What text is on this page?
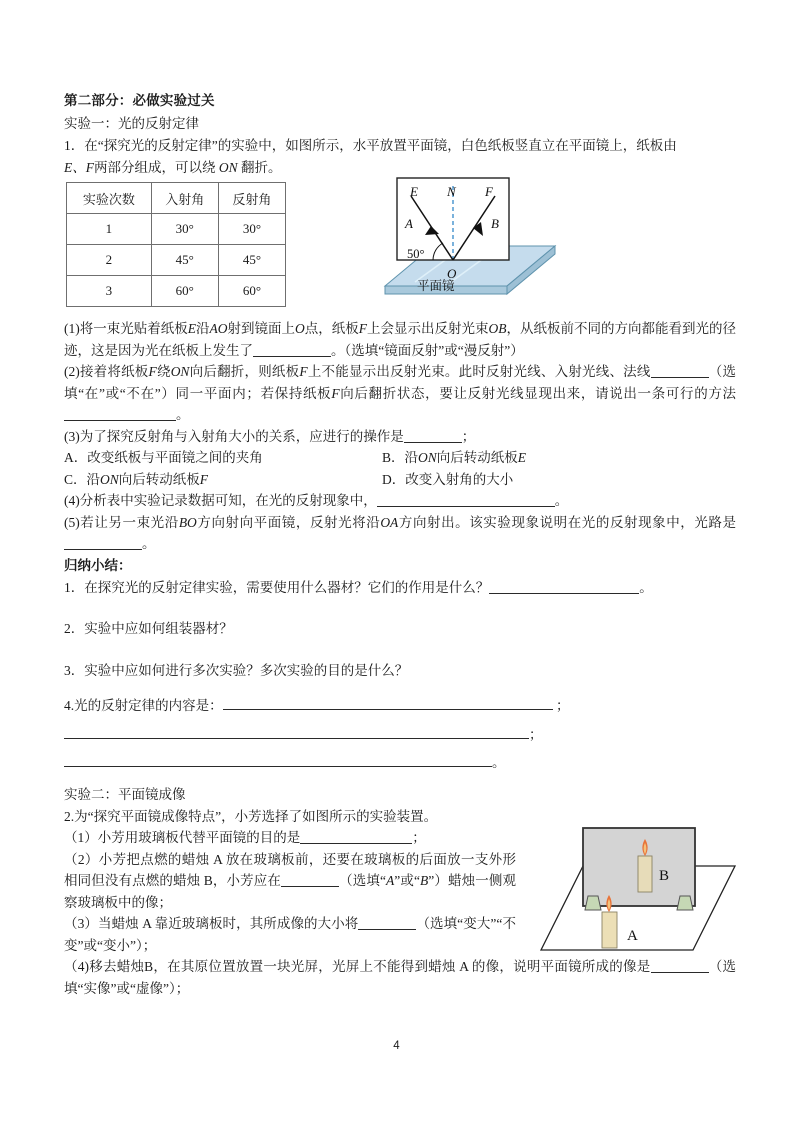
E N F
A	B
50°
O
平面镜
B
A
第二部分：必做实验过关
实验一：光的反射定律
1．在“探究光的反射定律”的实验中，如图所示，水平放置平面镜，白色纸板竖直立在平面镜上，纸板由
E、F两部分组成，可以绕 ON 翻折。
实验次数	入射角	反射角
1	30°	30°
2	45°	45°
3	60°	60°
(1)将一束光贴着纸板E沿AO射到镜面上O点，纸板F上会显示出反射光束OB，从纸板前不同的方向都能看到光的径迹，这是因为光在纸板上发生了	。（选填“镜面反射”或“漫反射”）
(2)接着将纸板F绕ON向后翻折，则纸板F上不能显示出反射光束。此时反射光线、入射光线、法线	（选填“在”或“不在”）同一平面内；若保持纸板F向后翻折状态，要让反射光线显现出来，请说出一条可行的方法。
(3)为了探究反射角与入射角大小的关系，应进行的操作是	；
A．改变纸板与平面镜之间的夹角	B．沿ON向后转动纸板E
C．沿ON向后转动纸板F	D．改变入射角的大小
(4)分析表中实验记录数据可知，在光的反射现象中，	。
(5)若让另一束光沿BO方向射向平面镜，反射光将沿OA方向射出。该实验现象说明在光的反射现象中，光路是。
归纳小结：
1．在探究光的反射定律实验，需要使用什么器材？它们的作用是什么？	。
2．实验中应如何组装器材？
3．实验中应如何进行多次实验？多次实验的目的是什么？
4.光的反射定律的内容是：	；
；
。
实验二：平面镜成像
2.为“探究平面镜成像特点”，小芳选择了如图所示的实验装置。
（1）小芳用玻璃板代替平面镜的目的是	；
（2）小芳把点燃的蜡烛 A 放在玻璃板前，还要在玻璃板的后面放一支外形相同但没有点燃的蜡烛 B，小芳应在	（选填“A”或“B”）蜡烛一侧观察玻璃板中的像；
（3）当蜡烛 A 靠近玻璃板时，其所成像的大小将	（选填“变大”“不变”或“变小”）；
（4)移去蜡烛B，在其原位置放置一块光屏，光屏上不能得到蜡烛 A 的像，说明平面镜所成的像是	（选填“实像”或“虚像”）；
4
